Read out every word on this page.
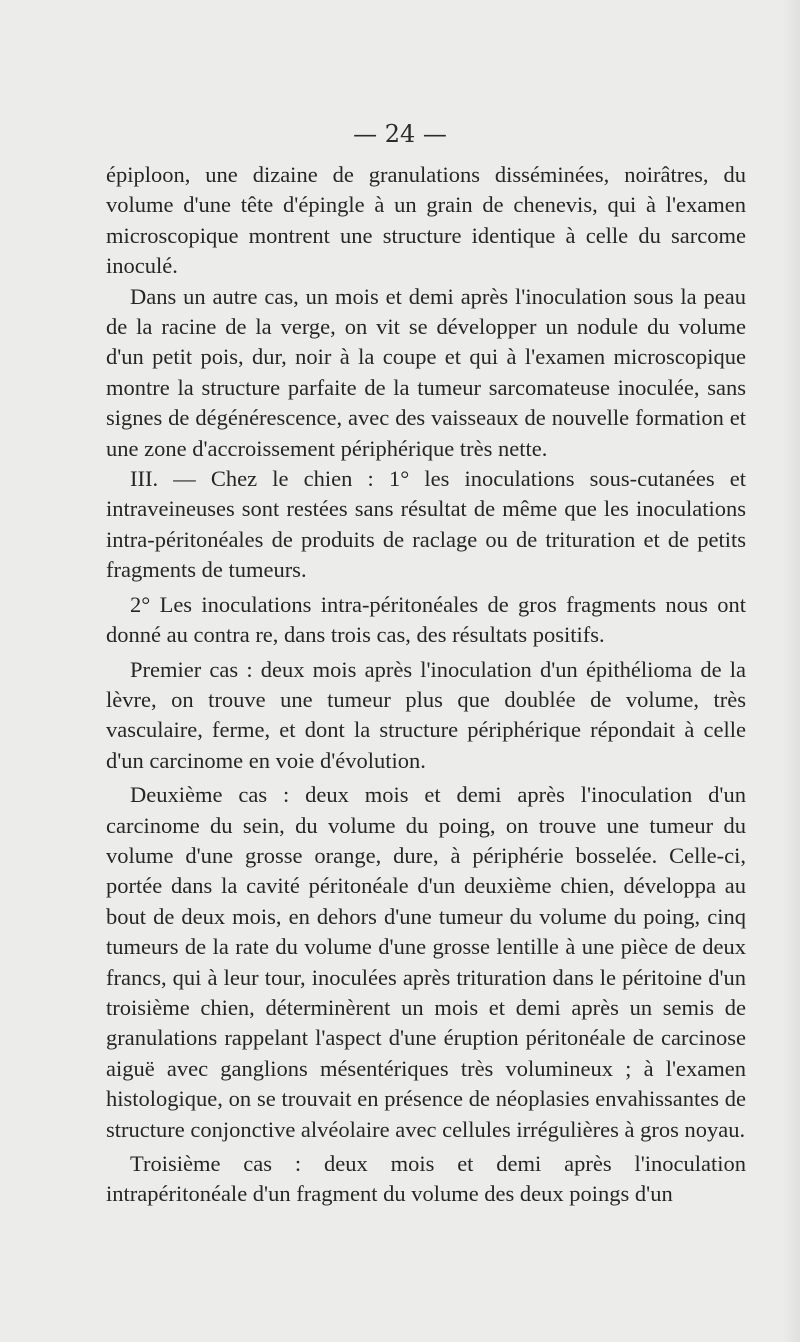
— 24 —

épiploon, une dizaine de granulations disséminées, noirâtres, du volume d'une tête d'épingle à un grain de chenevis, qui à l'examen microscopique montrent une structure identique à celle du sarcome inoculé.

Dans un autre cas, un mois et demi après l'inoculation sous la peau de la racine de la verge, on vit se développer un nodule du volume d'un petit pois, dur, noir à la coupe et qui à l'examen microscopique montre la structure parfaite de la tumeur sarcomateuse inoculée, sans signes de dégénérescence, avec des vaisseaux de nouvelle formation et une zone d'accroissement périphérique très nette.

III. — Chez le chien : 1° les inoculations sous-cutanées et intraveineuses sont restées sans résultat de même que les inoculations intra-péritonéales de produits de raclage ou de trituration et de petits fragments de tumeurs.

2° Les inoculations intra-péritonéales de gros fragments nous ont donné au contra re, dans trois cas, des résultats positifs.

Premier cas : deux mois après l'inoculation d'un épithélioma de la lèvre, on trouve une tumeur plus que doublée de volume, très vasculaire, ferme, et dont la structure périphérique répondait à celle d'un carcinome en voie d'évolution.

Deuxième cas : deux mois et demi après l'inoculation d'un carcinome du sein, du volume du poing, on trouve une tumeur du volume d'une grosse orange, dure, à périphérie bosselée. Celle-ci, portée dans la cavité péritonéale d'un deuxième chien, développa au bout de deux mois, en dehors d'une tumeur du volume du poing, cinq tumeurs de la rate du volume d'une grosse lentille à une pièce de deux francs, qui à leur tour, inoculées après trituration dans le péritoine d'un troisième chien, déterminèrent un mois et demi après un semis de granulations rappelant l'aspect d'une éruption péritonéale de carcinose aiguë avec ganglions mésentériques très volumineux ; à l'examen histologique, on se trouvait en présence de néoplasies envahissantes de structure conjonctive alvéolaire avec cellules irrégulières à gros noyau.

Troisième cas : deux mois et demi après l'inoculation intrapéritonéale d'un fragment du volume des deux poings d'un
